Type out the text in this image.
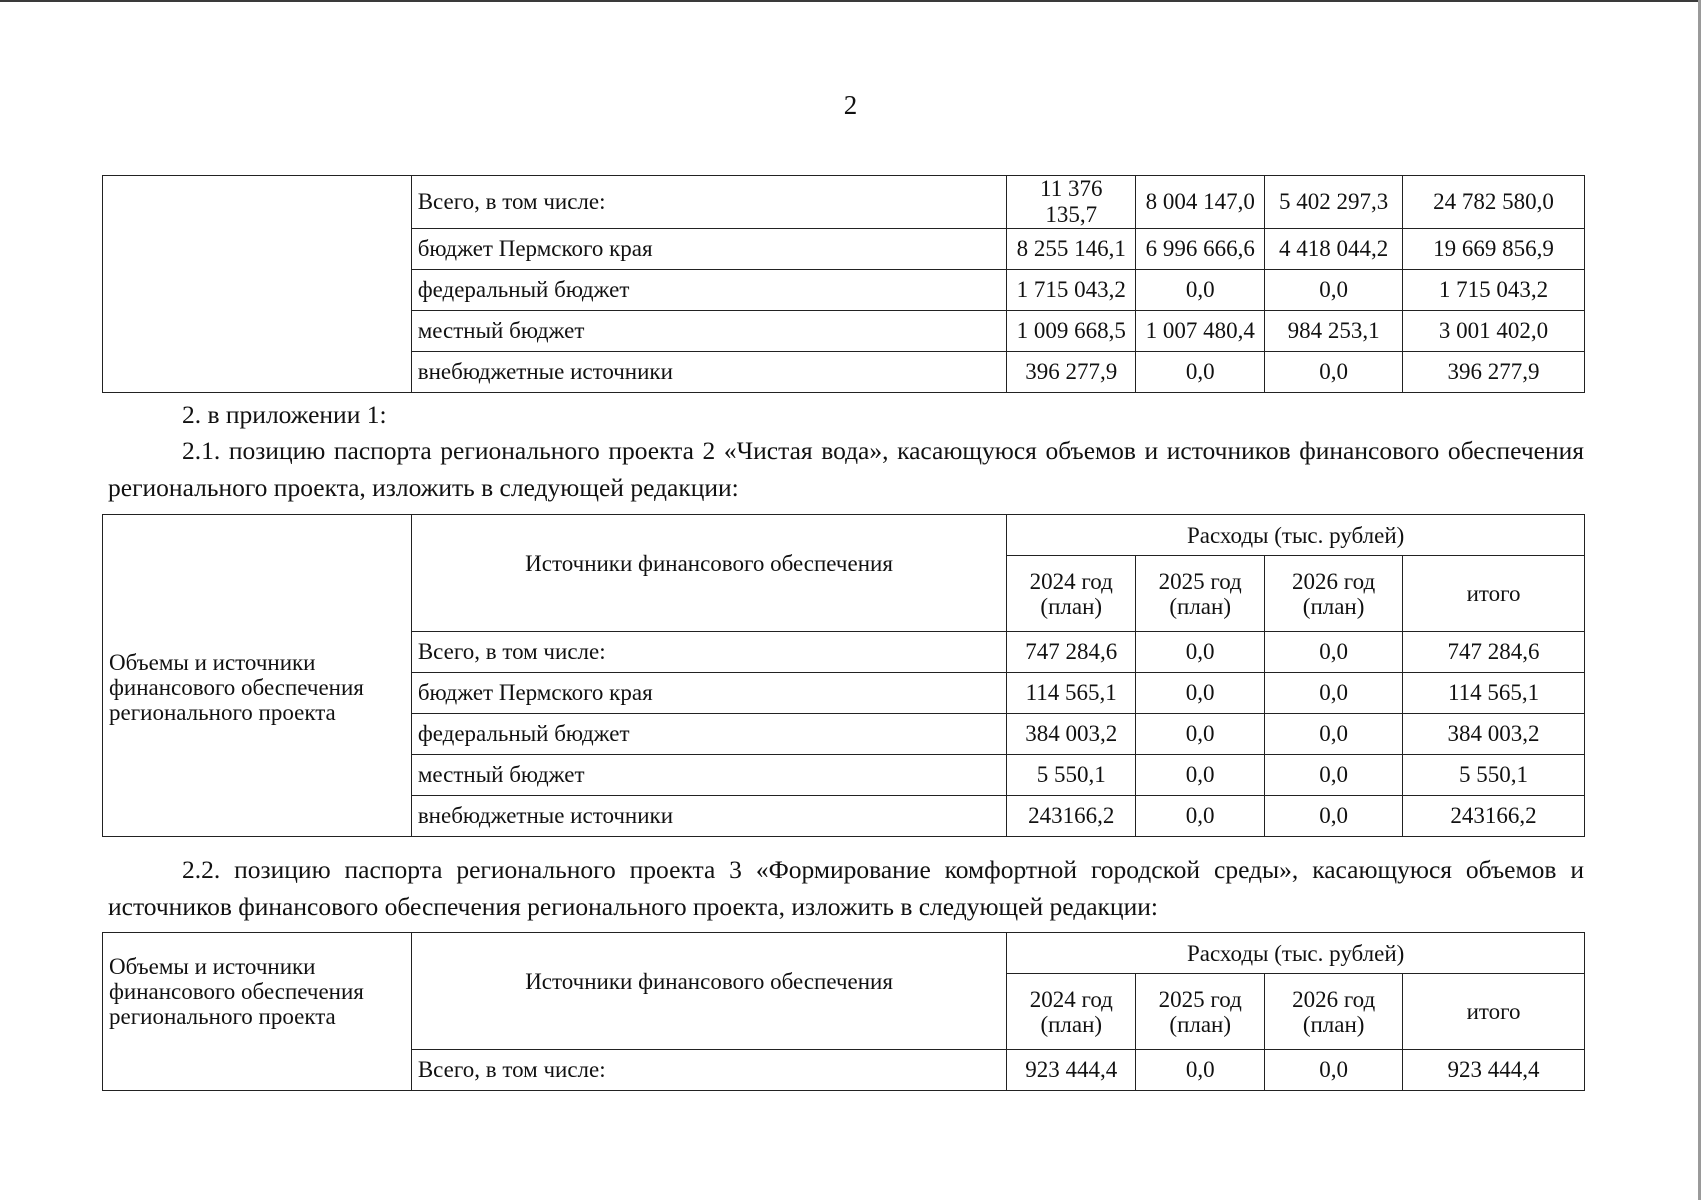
2
	Всего, в том числе:	11 376 135,7	8 004 147,0	5 402 297,3	24 782 580,0
	бюджет Пермского края	8 255 146,1	6 996 666,6	4 418 044,2	19 669 856,9
	федеральный бюджет	1 715 043,2	0,0	0,0	1 715 043,2
	местный бюджет	1 009 668,5	1 007 480,4	984 253,1	3 001 402,0
	внебюджетные источники	396 277,9	0,0	0,0	396 277,9
2. в приложении 1:
2.1. позицию паспорта регионального проекта 2 «Чистая вода», касающуюся объемов и источников финансового обеспечения регионального проекта, изложить в следующей редакции:
Объемы и источники финансового обеспечения регионального проекта	Источники финансового обеспечения	Расходы (тыс. рублей)			
		2024 год (план)	2025 год (план)	2026 год (план)	итого
	Всего, в том числе:	747 284,6	0,0	0,0	747 284,6
	бюджет Пермского края	114 565,1	0,0	0,0	114 565,1
	федеральный бюджет	384 003,2	0,0	0,0	384 003,2
	местный бюджет	5 550,1	0,0	0,0	5 550,1
	внебюджетные источники	243166,2	0,0	0,0	243166,2
2.2. позицию паспорта регионального проекта 3 «Формирование комфортной городской среды», касающуюся объемов и источников финансового обеспечения регионального проекта, изложить в следующей редакции:
Объемы и источники финансового обеспечения регионального проекта	Источники финансового обеспечения	Расходы (тыс. рублей)			
		2024 год (план)	2025 год (план)	2026 год (план)	итого
	Всего, в том числе:	923 444,4	0,0	0,0	923 444,4
